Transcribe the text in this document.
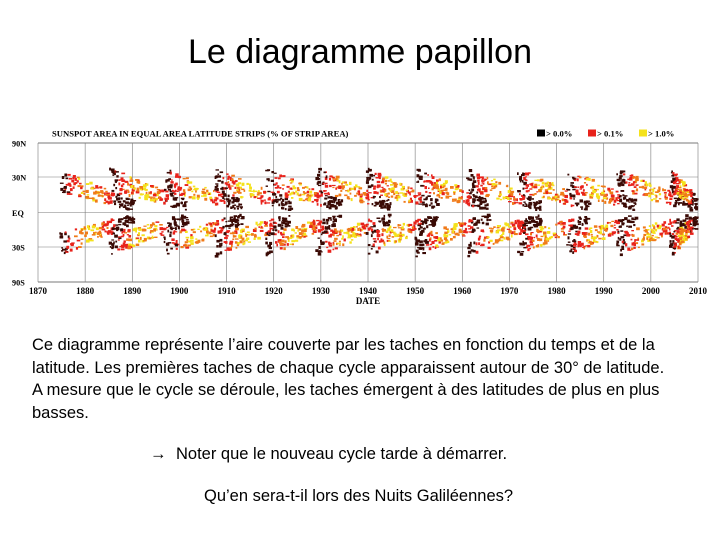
Le diagramme papillon
SUNSPOT AREA IN EQUAL AREA LATITUDE STRIPS (% OF STRIP AREA)	> 0.0%	> 0.1%	> 1.0%
90N
30N
EQ
30S
90S
1870	1880	1890	1900	1910	1920	1930	1940	1950	1960	1970	1980	1990	2000	2010
DATE
Ce diagramme représente l’aire couverte par les taches en fonction du temps et de la latitude. Les premières taches de chaque cycle apparaissent autour de 30° de latitude. A mesure que le cycle se déroule, les taches émergent à des latitudes de plus en plus basses.
→ Noter que le nouveau cycle tarde à démarrer.
Qu’en sera-t-il lors des Nuits Galiléennes?
